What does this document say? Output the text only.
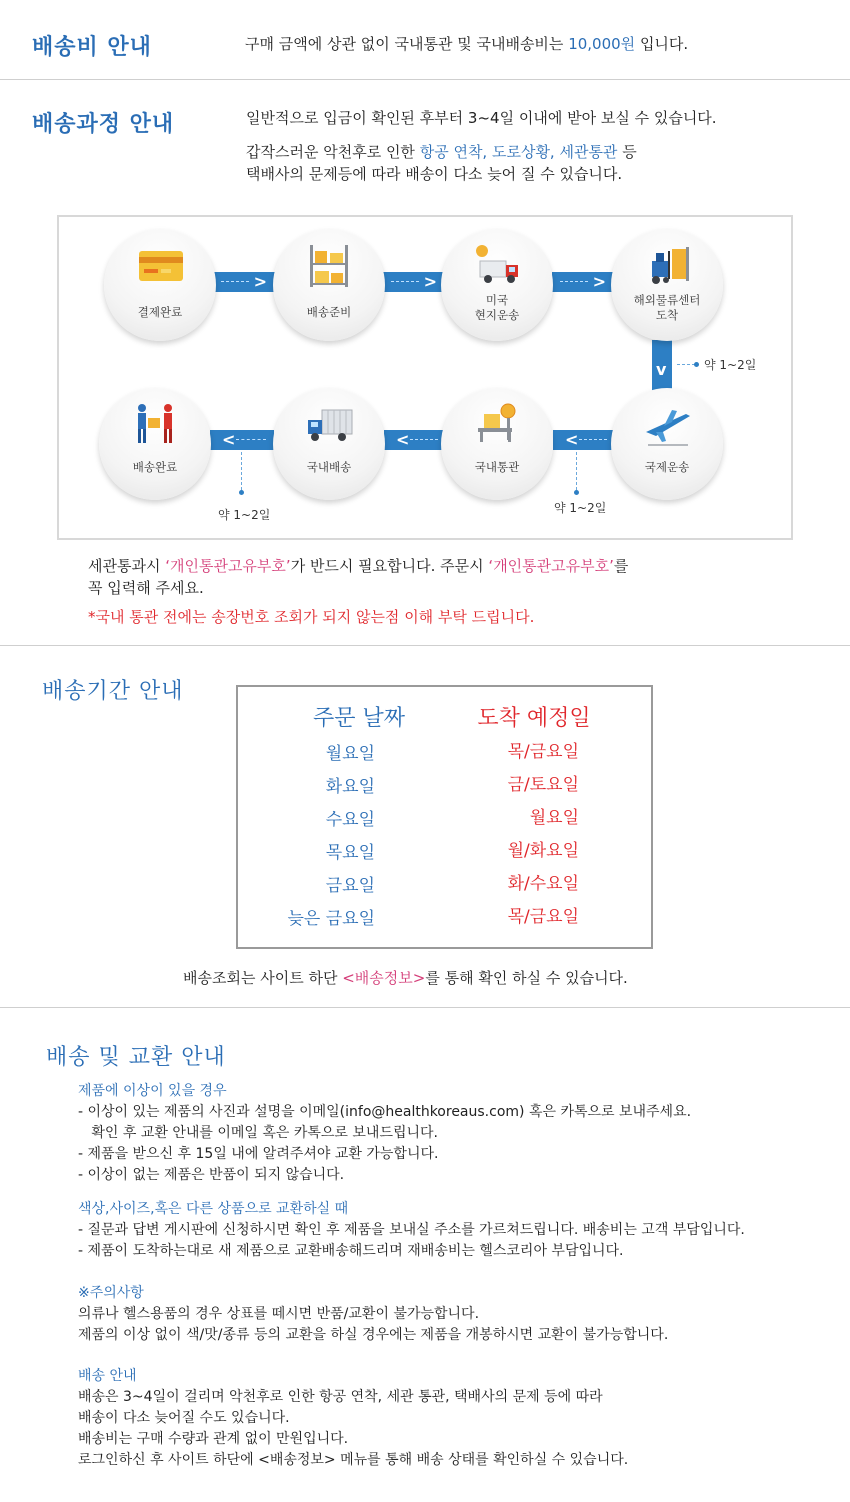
배송비 안내	구매 금액에 상관 없이 국내통관 및 국내배송비는 10,000원 입니다.
배송과정 안내	일반적으로 입금이 확인된 후부터 3~4일 이내에 받아 보실 수 있습니다.
갑작스러운 악천후로 인한 항공 연착, 도로상황, 세관통관 등
택배사의 문제등에 따라 배송이 다소 늦어 질 수 있습니다.
>	>	>
v	약 1~2일
<
<
<
약 1~2일
약 1~2일
결제완료	배송준비
미국
현지운송
해외물류센터
도착
국제운송
국내통관
국내배송
배송완료
세관통과시 ‘개인통관고유부호’가 반드시 필요합니다. 주문시 ‘개인통관고유부호’를
꼭 입력해 주세요.
*국내 통관 전에는 송장번호 조회가 되지 않는점 이해 부탁 드립니다.
배송기간 안내
주문 날짜	도착 예정일
월요일	목/금요일
화요일	금/토요일
수요일	월요일
목요일	월/화요일
금요일	화/수요일
늦은 금요일	목/금요일
배송조회는 사이트 하단 <배송정보>를 통해 확인 하실 수 있습니다.
배송 및 교환 안내
제품에 이상이 있을 경우
- 이상이 있는 제품의 사진과 설명을 이메일(info@healthkoreaus.com) 혹은 카톡으로 보내주세요.
확인 후 교환 안내를 이메일 혹은 카톡으로 보내드립니다.
- 제품을 받으신 후 15일 내에 알려주셔야 교환 가능합니다.
- 이상이 없는 제품은 반품이 되지 않습니다.
색상,사이즈,혹은 다른 상품으로 교환하실 때
- 질문과 답변 게시판에 신청하시면 확인 후 제품을 보내실 주소를 가르쳐드립니다. 배송비는 고객 부담입니다.
- 제품이 도착하는대로 새 제품으로 교환배송해드리며 재배송비는 헬스코리아 부담입니다.
※주의사항
의류나 헬스용품의 경우 상표를 떼시면 반품/교환이 불가능합니다.
제품의 이상 없이 색/맛/종류 등의 교환을 하실 경우에는 제품을 개봉하시면 교환이 불가능합니다.
배송 안내
배송은 3~4일이 걸리며 악천후로 인한 항공 연착, 세관 통관, 택배사의 문제 등에 따라
배송이 다소 늦어질 수도 있습니다.
배송비는 구매 수량과 관계 없이 만원입니다.
로그인하신 후 사이트 하단에 <배송정보> 메뉴를 통해 배송 상태를 확인하실 수 있습니다.
